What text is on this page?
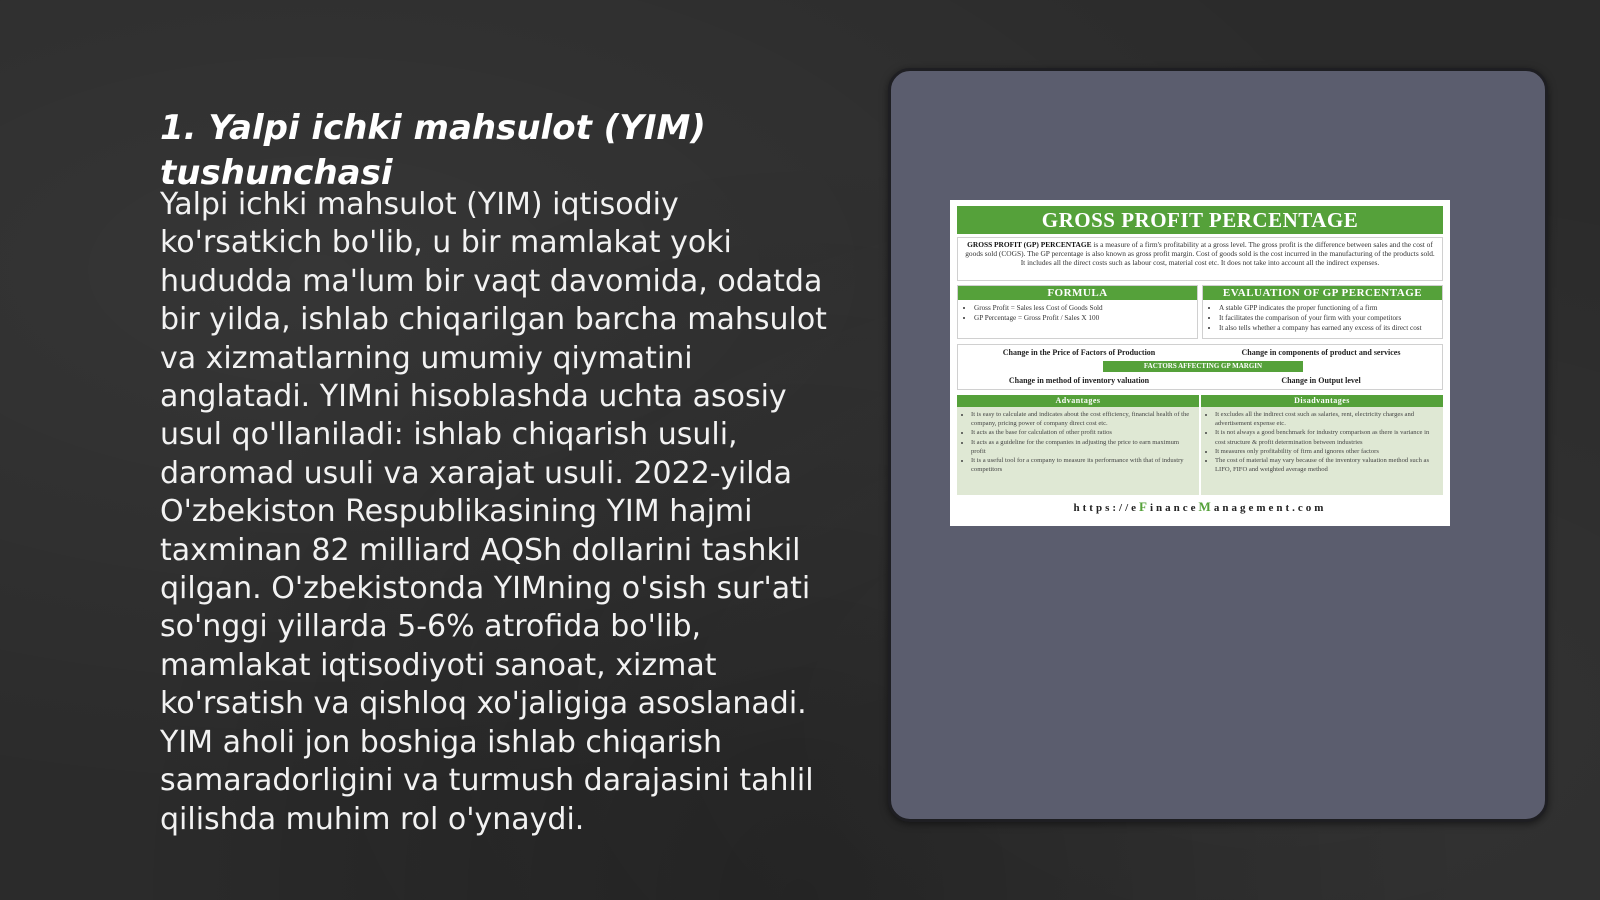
1. Yalpi ichki mahsulot (YIM) tushunchasi

Yalpi ichki mahsulot (YIM) iqtisodiy ko'rsatkich bo'lib, u bir mamlakat yoki hududda ma'lum bir vaqt davomida, odatda bir yilda, ishlab chiqarilgan barcha mahsulot va xizmatlarning umumiy qiymatini anglatadi. YIMni hisoblashda uchta asosiy usul qo'llaniladi: ishlab chiqarish usuli, daromad usuli va xarajat usuli. 2022-yilda O'zbekiston Respublikasining YIM hajmi taxminan 82 milliard AQSh dollarini tashkil qilgan. O'zbekistonda YIMning o'sish sur'ati so'nggi yillarda 5-6% atrofida bo'lib, mamlakat iqtisodiyoti sanoat, xizmat ko'rsatish va qishloq xo'jaligiga asoslanadi. YIM aholi jon boshiga ishlab chiqarish samaradorligini va turmush darajasini tahlil qilishda muhim rol o'ynaydi.

GROSS PROFIT PERCENTAGE
GROSS PROFIT (GP) PERCENTAGE is a measure of a firm's profitability at a gross level. The gross profit is the difference between sales and the cost of goods sold (COGS). The GP percentage is also known as gross profit margin. Cost of goods sold is the cost incurred in the manufacturing of the products sold. It includes all the direct costs such as labour cost, material cost etc. It does not take into account all the indirect expenses.
FORMULA
• Gross Profit = Sales less Cost of Goods Sold
• GP Percentage = Gross Profit / Sales X 100
EVALUATION OF GP PERCENTAGE
• A stable GPP indicates the proper functioning of a firm
• It facilitates the comparison of your firm with your competitors
• It also tells whether a company has earned any excess of its direct cost
Change in the Price of Factors of Production	Change in components of product and services
FACTORS AFFECTING GP MARGIN
Change in method of inventory valuation	Change in Output level
Advantages
• It is easy to calculate and indicates about the cost efficiency, financial health of the company, pricing power of company direct cost etc.
• It acts as the base for calculation of other profit ratios
• It acts as a guideline for the companies in adjusting the price to earn maximum profit
• It is a useful tool for a company to measure its performance with that of industry competitors
Disadvantages
• It excludes all the indirect cost such as salaries, rent, electricity charges and advertisement expense etc.
• It is not always a good benchmark for industry comparison as there is variance in cost structure & profit determination between industries
• It measures only profitability of firm and ignores other factors
• The cost of material may vary because of the inventory valuation method such as LIFO, FIFO and weighted average method
https://eFinanceManagement.com
